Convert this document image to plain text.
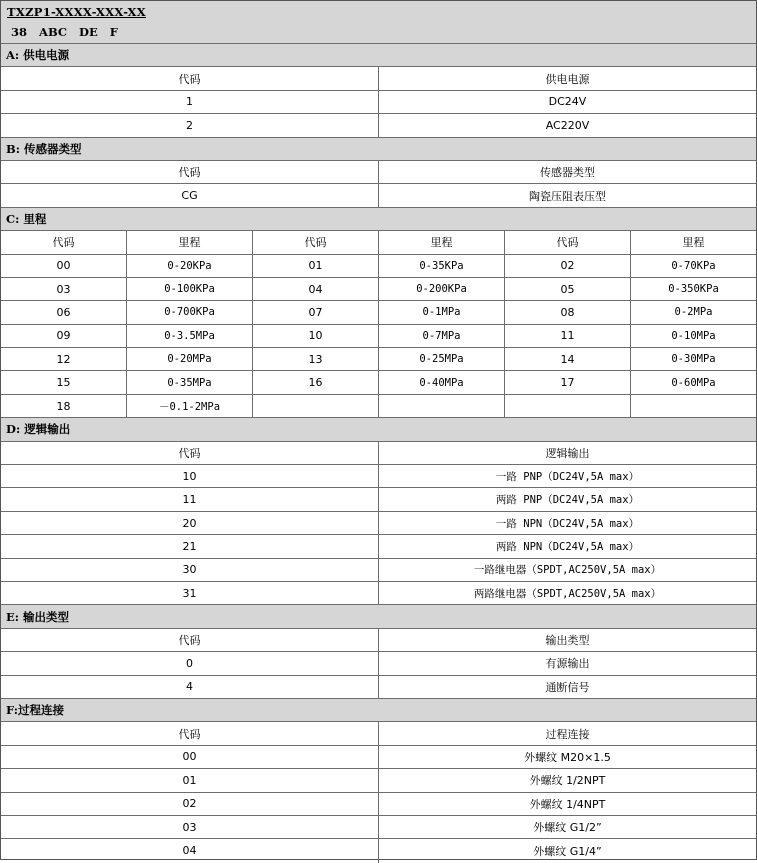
TXZP1-XXXX-XXX-XX
38   ABC   DE   F
A: 供电电源
代码	供电电源
1	DC24V
2	AC220V
B: 传感器类型
代码	传感器类型
CG	陶瓷压阻表压型
C: 里程
代码	里程	代码	里程	代码	里程
00	0-20KPa	01	0-35KPa	02	0-70KPa
03	0-100KPa	04	0-200KPa	05	0-350KPa
06	0-700KPa	07	0-1MPa	08	0-2MPa
09	0-3.5MPa	10	0-7MPa	11	0-10MPa
12	0-20MPa	13	0-25MPa	14	0-30MPa
15	0-35MPa	16	0-40MPa	17	0-60MPa
18	－0.1-2MPa
D: 逻辑输出
代码	逻辑输出
10	一路 PNP（DC24V,5A max）
11	两路 PNP（DC24V,5A max）
20	一路 NPN（DC24V,5A max）
21	两路 NPN（DC24V,5A max）
30	一路继电器（SPDT,AC250V,5A max）
31	两路继电器（SPDT,AC250V,5A max）
E: 输出类型
代码	输出类型
0	有源输出
4	通断信号
F:过程连接
代码	过程连接
00	外螺纹 M20×1.5
01	外螺纹 1/2NPT
02	外螺纹 1/4NPT
03	外螺纹 G1/2”
04	外螺纹 G1/4”
